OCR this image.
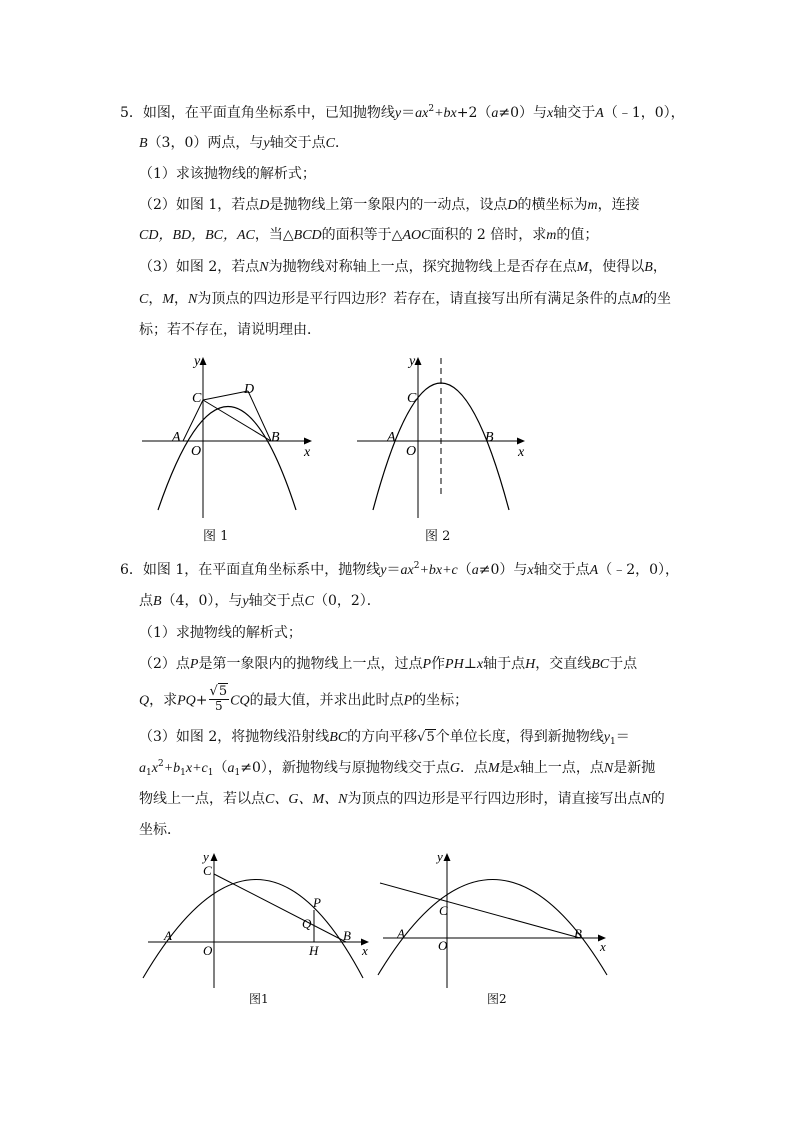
5．如图，在平面直角坐标系中，已知抛物线$y=ax^2+bx+2(a\ne 0)$与x轴交于A（﹣1，0），
B（3，0）两点，与y轴交于点C．
（1）求该抛物线的解析式；
（2）如图 1，若点D是抛物线上第一象限内的一动点，设点D的横坐标为m，连接
CD，BD，BC，AC，当△BCD的面积等于△AOC面积的 2 倍时，求m的值；
（3）如图 2，若点N为抛物线对称轴上一点，探究抛物线上是否存在点M，使得以B，
C，M，N为顶点的四边形是平行四边形？若存在，请直接写出所有满足条件的点M的坐
标；若不存在，请说明理由．
y
C
D
A	B
O	x
图 1
y
C
A	B
O	x
图 2
6．如图 1，在平面直角坐标系中，抛物线$y=ax^2+bx+c(a\ne 0)$与x轴交于点A（﹣2，0），
点B（4，0），与y轴交于点C（0，2）．
（1）求抛物线的解析式；
（2）点P是第一象限内的抛物线上一点，过点P作PH⊥x轴于点H，交直线BC于点
Q，求$PQ+ \frac{√5}{5}$ CQ的最大值，并求出此时点P的坐标；
（3）如图 2，将抛物线沿射线BC的方向平移√5个单位长度，得到新抛物线$y_1=$
$a_1x^2+b_1x+c_1(a_1\ne 0)$，新抛物线与原抛物线交于点G．点M是x轴上一点，点N是新抛
物线上一点，若以点C、G、M、N为顶点的四边形是平行四边形时，请直接写出点N的
坐标．
y
C
P
Q
A	B
O	H	x
图1
y
C
A	B
O	x
图2
